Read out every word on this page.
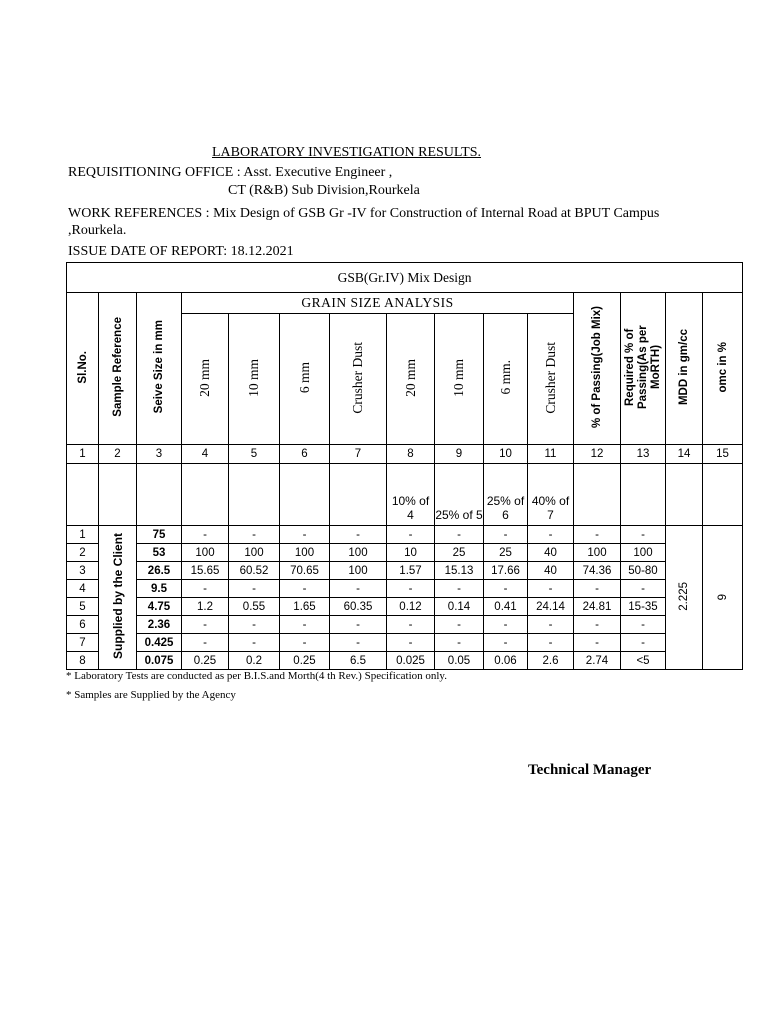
LABORATORY INVESTIGATION RESULTS.
REQUISITIONING OFFICE : Asst. Executive Engineer ,
CT (R&B) Sub Division,Rourkela
WORK REFERENCES : Mix Design of GSB Gr -IV for Construction of Internal Road at BPUT Campus ,Rourkela.
ISSUE DATE OF REPORT: 18.12.2021
GSB(Gr.IV) Mix Design														
Sl.No.	Sample Reference	Seive Size in mm	GRAIN SIZE ANALYSIS								% of Passing(Job Mix)	Required % of Passing(As per MoRTH)	MDD in gm/cc	omc in %
			20 mm	10 mm	6 mm	Crusher Dust	20 mm	10 mm	6 mm.	Crusher Dust				
1	2	3	4	5	6	7	8	9	10	11	12	13	14	15
							10% of 4	25% of 5	25% of 6	40% of 7				
1	Supplied by the Client	75	-	-	-	-	-	-	-	-	-	-	2.225	9
2		53	100	100	100	100	10	25	25	40	100	100		
3		26.5	15.65	60.52	70.65	100	1.57	15.13	17.66	40	74.36	50-80		
4		9.5	-	-	-	-	-	-	-	-	-	-		
5		4.75	1.2	0.55	1.65	60.35	0.12	0.14	0.41	24.14	24.81	15-35		
6		2.36	-	-	-	-	-	-	-	-	-	-		
7		0.425	-	-	-	-	-	-	-	-	-	-		
8		0.075	0.25	0.2	0.25	6.5	0.025	0.05	0.06	2.6	2.74	<5		
* Laboratory Tests are conducted as per B.I.S.and Morth(4 th Rev.) Specification only.
* Samples are Supplied by the Agency
Technical Manager
